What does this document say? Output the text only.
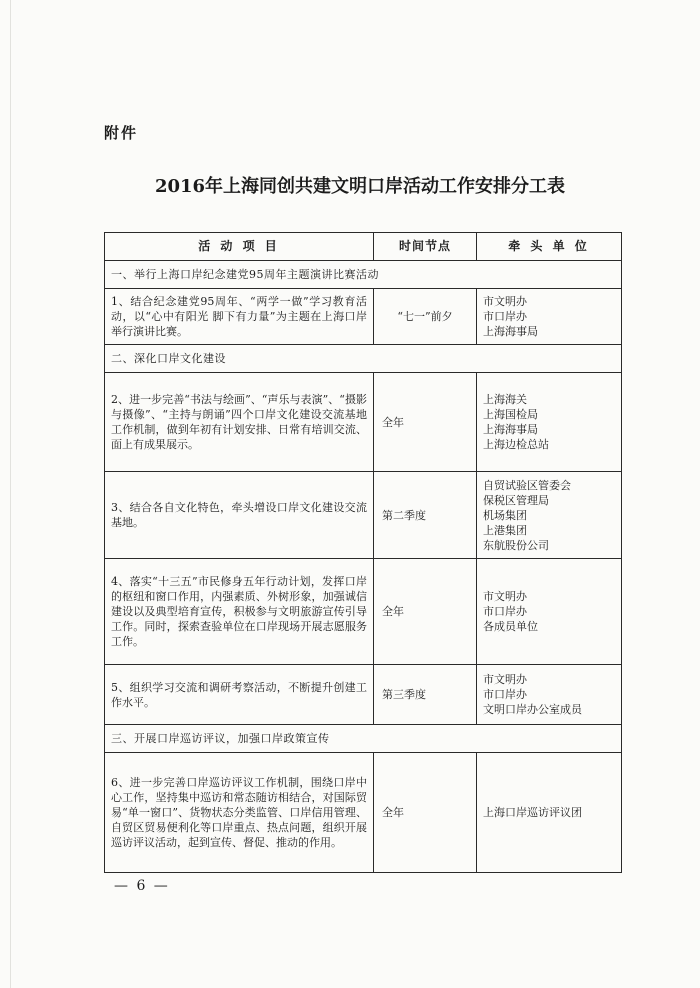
附件
2016年上海同创共建文明口岸活动工作安排分工表
活 动 项 目	时间节点	牵 头 单 位
一、举行上海口岸纪念建党95周年主题演讲比赛活动		
1、结合纪念建党95周年、“两学一做”学习教育活动，以“心中有阳光 脚下有力量”为主题在上海口岸举行演讲比赛。	“七一”前夕	市文明办
市口岸办
上海海事局

二、深化口岸文化建设		
2、进一步完善“书法与绘画”、“声乐与表演”、“摄影与摄像”、“主持与朗诵”四个口岸文化建设交流基地工作机制，做到年初有计划安排、日常有培训交流、面上有成果展示。	全年	上海海关
上海国检局
上海海事局
上海边检总站

3、结合各自文化特色，牵头增设口岸文化建设交流基地。	第二季度	自贸试验区管委会
保税区管理局
机场集团
上港集团
东航股份公司

4、落实“十三五”市民修身五年行动计划，发挥口岸的枢纽和窗口作用，内强素质、外树形象，加强诚信建设以及典型培育宣传，积极参与文明旅游宣传引导工作。同时，探索查验单位在口岸现场开展志愿服务工作。	全年	市文明办
市口岸办
各成员单位

5、组织学习交流和调研考察活动，不断提升创建工作水平。	第三季度	市文明办
市口岸办
文明口岸办公室成员

三、开展口岸巡访评议，加强口岸政策宣传		
6、进一步完善口岸巡访评议工作机制，围绕口岸中心工作，坚持集中巡访和常态随访相结合，对国际贸易“单一窗口”、货物状态分类监管、口岸信用管理、自贸区贸易便利化等口岸重点、热点问题，组织开展巡访评议活动，起到宣传、督促、推动的作用。	全年	上海口岸巡访评议团
— 6 —
